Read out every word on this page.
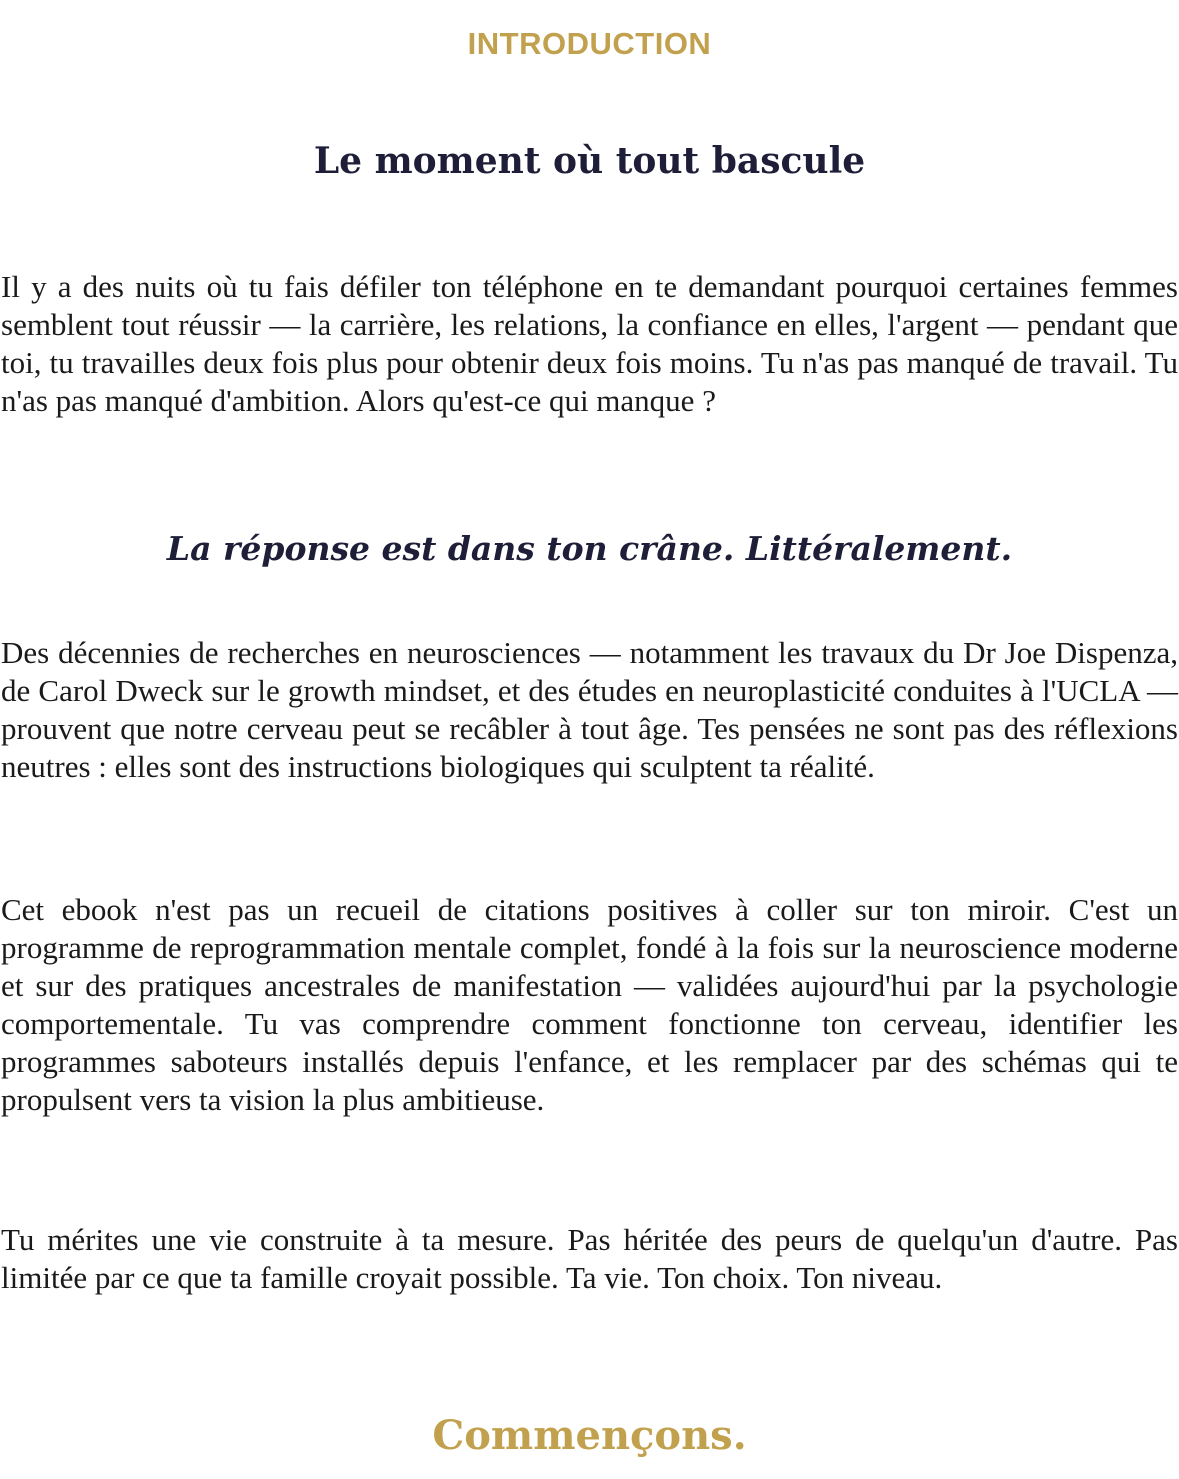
INTRODUCTION
Le moment où tout bascule

Il y a des nuits où tu fais défiler ton téléphone en te demandant pourquoi certaines femmes semblent tout réussir — la carrière, les relations, la confiance en elles, l'argent — pendant que toi, tu travailles deux fois plus pour obtenir deux fois moins. Tu n'as pas manqué de travail. Tu n'as pas manqué d'ambition. Alors qu'est-ce qui manque ?

La réponse est dans ton crâne. Littéralement.

Des décennies de recherches en neurosciences — notamment les travaux du Dr Joe Dispenza, de Carol Dweck sur le growth mindset, et des études en neuroplasticité conduites à l'UCLA — prouvent que notre cerveau peut se recâbler à tout âge. Tes pensées ne sont pas des réflexions neutres : elles sont des instructions biologiques qui sculptent ta réalité.

Cet ebook n'est pas un recueil de citations positives à coller sur ton miroir. C'est un programme de reprogrammation mentale complet, fondé à la fois sur la neuroscience moderne et sur des pratiques ancestrales de manifestation — validées aujourd'hui par la psychologie comportementale. Tu vas comprendre comment fonctionne ton cerveau, identifier les programmes saboteurs installés depuis l'enfance, et les remplacer par des schémas qui te propulsent vers ta vision la plus ambitieuse.

Tu mérites une vie construite à ta mesure. Pas héritée des peurs de quelqu'un d'autre. Pas limitée par ce que ta famille croyait possible. Ta vie. Ton choix. Ton niveau.

Commençons.
